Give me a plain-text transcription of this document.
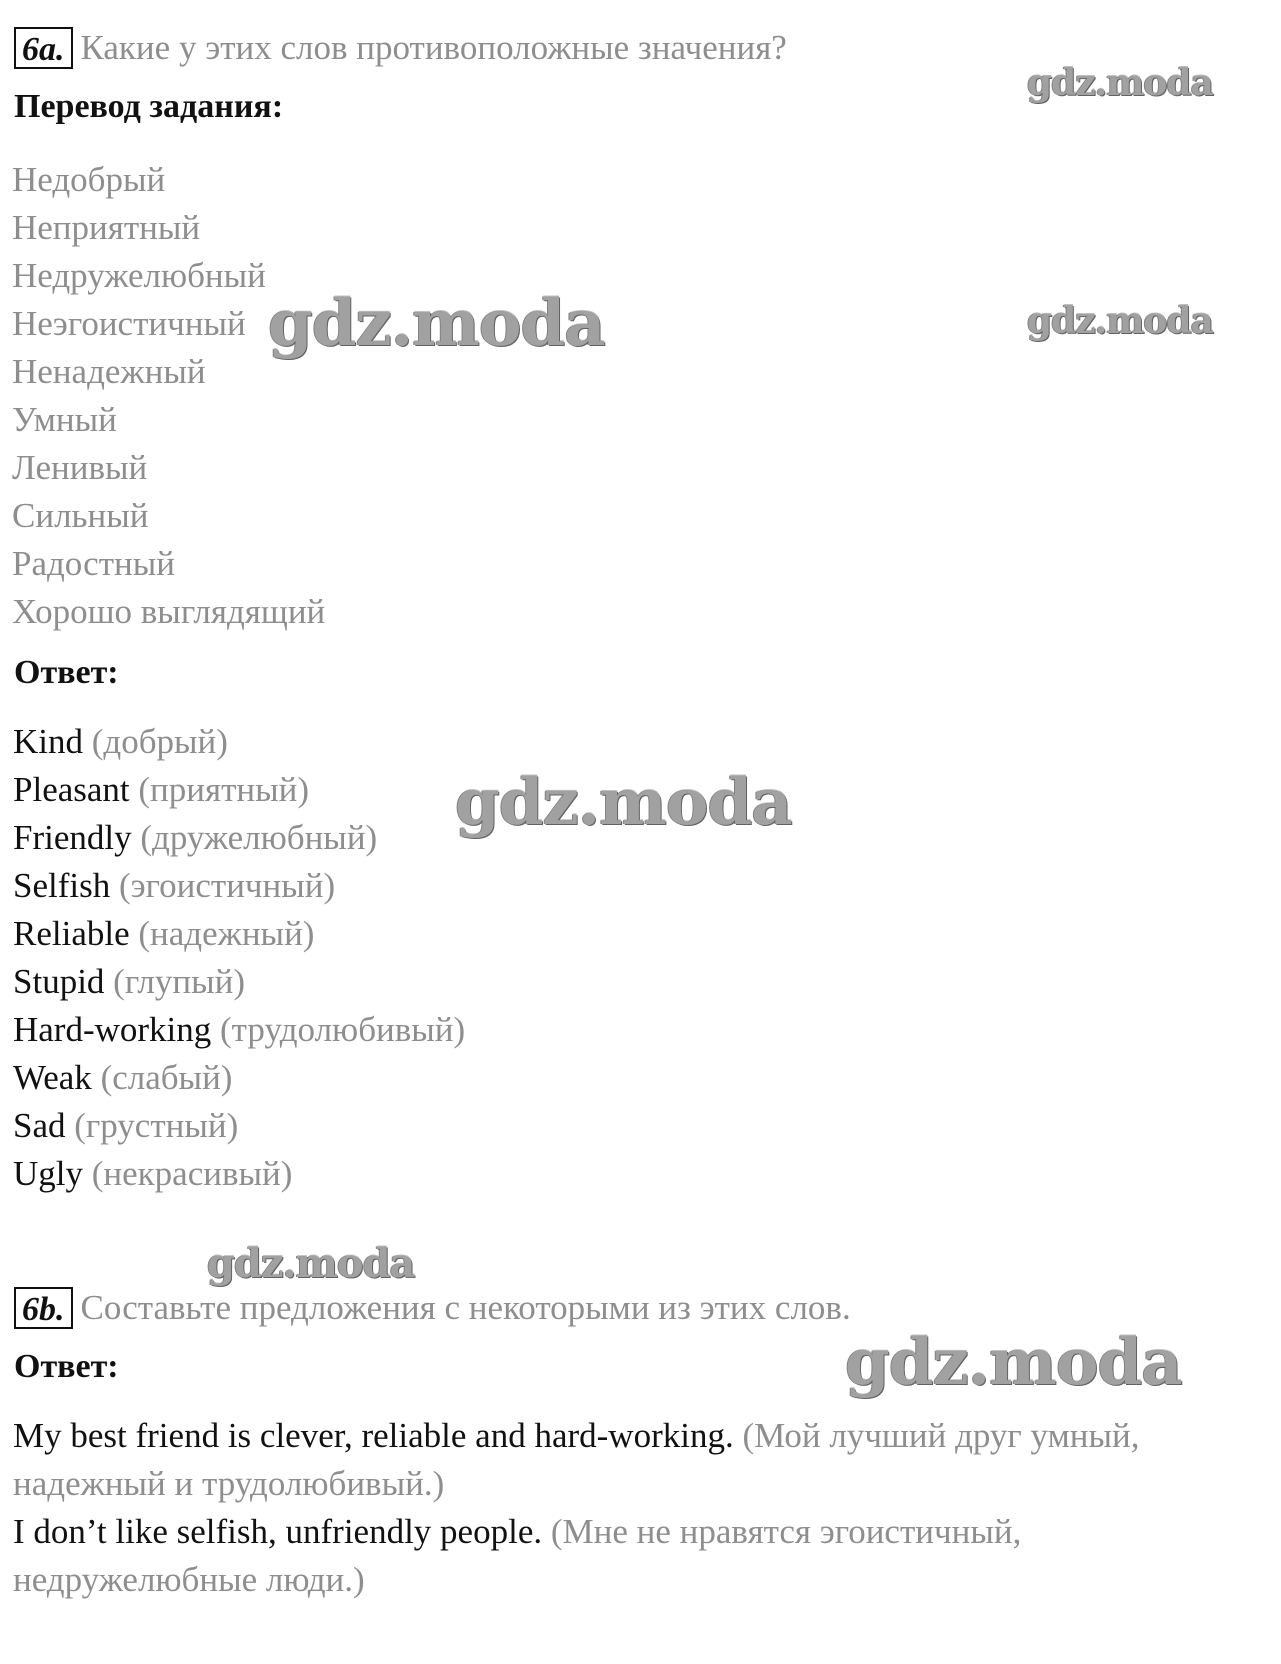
6a. Какие у этих слов противоположные значения?
Перевод задания:
Недобрый
Неприятный
Недружелюбный
Неэгоистичный
Ненадежный
Умный
Ленивый
Сильный
Радостный
Хорошо выглядящий
Ответ:
Kind (добрый)
Pleasant (приятный)
Friendly (дружелюбный)
Selfish (эгоистичный)
Reliable (надежный)
Stupid (глупый)
Hard-working (трудолюбивый)
Weak (слабый)
Sad (грустный)
Ugly (некрасивый)
6b. Составьте предложения с некоторыми из этих слов.
Ответ:
My best friend is clever, reliable and hard-working. (Мой лучший друг умный, надежный и трудолюбивый.)
I don’t like selfish, unfriendly people. (Мне не нравятся эгоистичный, недружелюбные люди.)
gdz.moda
gdz.moda
gdz.moda
gdz.moda
gdz.moda
gdz.moda
